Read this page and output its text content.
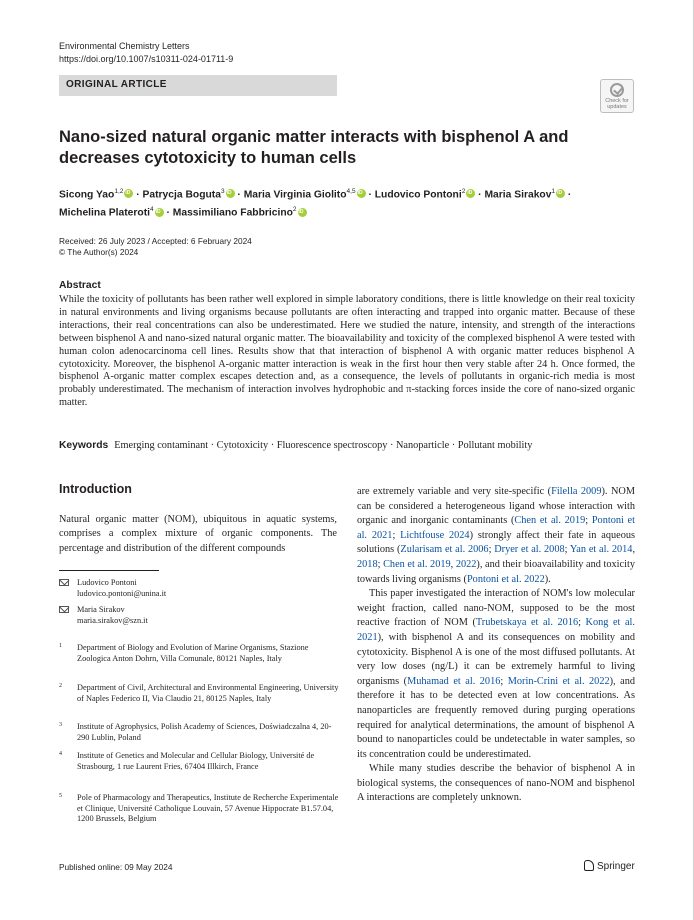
Environmental Chemistry Letters
https://doi.org/10.1007/s10311-024-01711-9
ORIGINAL ARTICLE
Check for
updates
Nano-sized natural organic matter interacts with bisphenol A and decreases cytotoxicity to human cells
Sicong Yao$^{1,2}$iD · Patrycja Boguta$^3$iD · Maria Virginia Giolito$^{4,5}$iD · Ludovico Pontoni$^2$iD · Maria Sirakov$^1$iD ·
Michelina Plateroti$^4$iD · Massimiliano Fabbricino$^2$iD
Received: 26 July 2023 / Accepted: 6 February 2024
© The Author(s) 2024
Abstract
While the toxicity of pollutants has been rather well explored in simple laboratory conditions, there is little knowledge on their real toxicity in natural environments and living organisms because pollutants are often interacting and trapped into organic matter. Because of these interactions, their real concentrations can also be underestimated. Here we studied the nature, intensity, and strength of the interactions between bisphenol A and nano-sized natural organic matter. The bioavailability and toxicity of the complexed bisphenol A were tested with human colon adenocarcinoma cell lines. Results show that that interaction of bisphenol A with organic matter reduces bisphenol A cytotoxicity. Moreover, the bisphenol A-organic matter interaction is weak in the first hour then very stable after 24 h. Once formed, the bisphenol A-organic matter complex escapes detection and, as a consequence, the levels of pollutants in organic-rich media is most probably underestimated. The mechanism of interaction involves hydrophobic and π-stacking forces inside the core of nano-sized organic matter.
Keywords Emerging contaminant · Cytotoxicity · Fluorescence spectroscopy · Nanoparticle · Pollutant mobility
Introduction
Natural organic matter (NOM), ubiquitous in aquatic systems, comprises a complex mixture of organic components. The percentage and distribution of the different compounds
Ludovico Pontoni
ludovico.pontoni@unina.it
Maria Sirakov
maria.sirakov@szn.it
1 Department of Biology and Evolution of Marine Organisms, Stazione Zoologica Anton Dohrn, Villa Comunale, 80121 Naples, Italy
2 Department of Civil, Architectural and Environmental Engineering, University of Naples Federico II, Via Claudio 21, 80125 Naples, Italy
3 Institute of Agrophysics, Polish Academy of Sciences, Doświadczalna 4, 20-290 Lublin, Poland
4 Institute of Genetics and Molecular and Cellular Biology, Université de Strasbourg, 1 rue Laurent Fries, 67404 Illkirch, France
5 Pole of Pharmacology and Therapeutics, Institute de Recherche Experimentale et Clinique, Université Catholique Louvain, 57 Avenue Hippocrate B1.57.04, 1200 Brussels, Belgium

are extremely variable and very site-specific (Filella 2009). NOM can be considered a heterogeneous ligand whose interaction with organic and inorganic contaminants (Chen et al. 2019; Pontoni et al. 2021; Lichtfouse 2024) strongly affect their fate in aqueous solutions (Zularisam et al. 2006; Dryer et al. 2008; Yan et al. 2014, 2018; Chen et al. 2019, 2022), and their bioavailability and toxicity towards living organisms (Pontoni et al. 2022).

This paper investigated the interaction of NOM's low molecular weight fraction, called nano-NOM, supposed to be the most reactive fraction of NOM (Trubetskaya et al. 2016; Kong et al. 2021), with bisphenol A and its consequences on mobility and cytotoxicity. Bisphenol A is one of the most diffused pollutants. At very low doses (ng/L) it can be extremely harmful to living organisms (Muhamad et al. 2016; Morin-Crini et al. 2022), and therefore it has to be detected even at low concentrations. As nanoparticles are frequently removed during purging operations required for analytical determinations, the amount of bisphenol A bound to nanoparticles could be undetectable in water samples, so its concentration could be underestimated.

While many studies describe the behavior of bisphenol A in biological systems, the consequences of nano-NOM and bisphenol A interactions are completely unknown.

Published online: 09 May 2024	Springer
